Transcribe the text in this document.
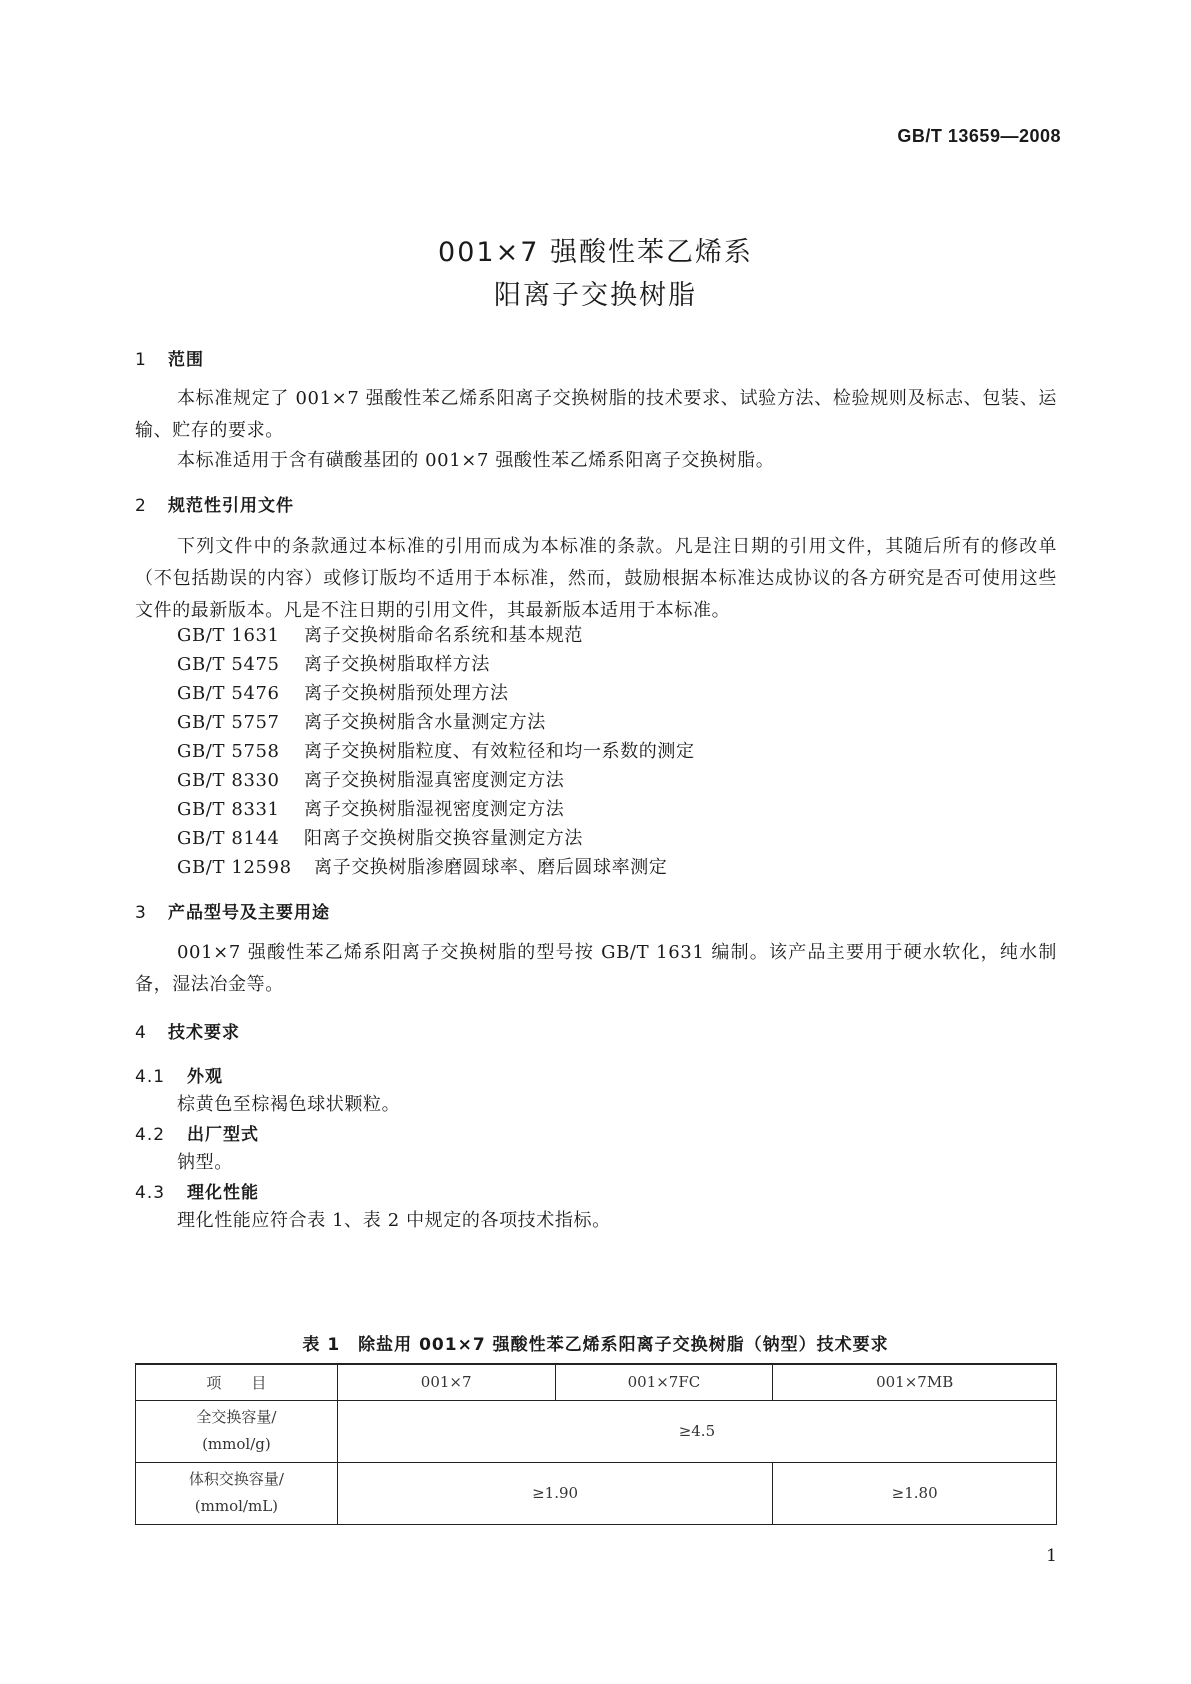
GB/T 13659—2008
001×7 强酸性苯乙烯系
阳离子交换树脂
1 范围
本标准规定了 001×7 强酸性苯乙烯系阳离子交换树脂的技术要求、试验方法、检验规则及标志、包装、运输、贮存的要求。
本标准适用于含有磺酸基团的 001×7 强酸性苯乙烯系阳离子交换树脂。
2 规范性引用文件
下列文件中的条款通过本标准的引用而成为本标准的条款。凡是注日期的引用文件，其随后所有的修改单（不包括勘误的内容）或修订版均不适用于本标准，然而，鼓励根据本标准达成协议的各方研究是否可使用这些文件的最新版本。凡是不注日期的引用文件，其最新版本适用于本标准。
GB/T 1631 离子交换树脂命名系统和基本规范
GB/T 5475 离子交换树脂取样方法
GB/T 5476 离子交换树脂预处理方法
GB/T 5757 离子交换树脂含水量测定方法
GB/T 5758 离子交换树脂粒度、有效粒径和均一系数的测定
GB/T 8330 离子交换树脂湿真密度测定方法
GB/T 8331 离子交换树脂湿视密度测定方法
GB/T 8144 阳离子交换树脂交换容量测定方法
GB/T 12598 离子交换树脂渗磨圆球率、磨后圆球率测定
3 产品型号及主要用途
001×7 强酸性苯乙烯系阳离子交换树脂的型号按 GB/T 1631 编制。该产品主要用于硬水软化，纯水制备，湿法冶金等。
4 技术要求
4.1 外观
棕黄色至棕褐色球状颗粒。
4.2 出厂型式
钠型。
4.3 理化性能
理化性能应符合表 1、表 2 中规定的各项技术指标。
表 1　除盐用 001×7 强酸性苯乙烯系阳离子交换树脂（钠型）技术要求
项　　目	001×7	001×7FC	001×7MB

全交换容量/
(mmol/g)	≥4.5		

体积交换容量/
(mmol/mL)	≥1.90		≥1.80
1
